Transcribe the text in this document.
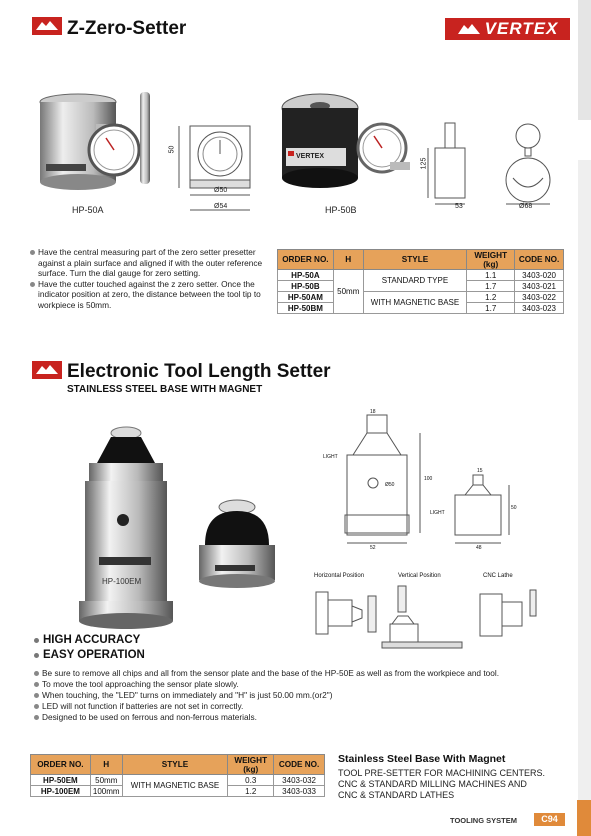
Z-Zero-Setter	VERTEX
HP-50A
50
Ø50
Ø54
VERTEX
HP-50B
125
53	Ø68
Have the central measuring part of the zero setter presetter against a plain surface and aligned if with the outer reference surface. Turn the dial gauge for zero setting.
Have the cutter touched against the z zero setter. Once the indicator position at zero, the distance between the tool tip to workpiece is 50mm.
ORDER NO.	H	STYLE	WEIGHT (kg)	CODE NO.
HP-50A	50mm	STANDARD TYPE	1.1	3403-020
HP-50B			1.7	3403-021
HP-50AM		WITH MAGNETIC BASE	1.2	3403-022
HP-50BM			1.7	3403-023
Electronic Tool Length Setter
STAINLESS STEEL BASE WITH MAGNET
HP-100EM
LIGHT
LIGHT
18
100
52
15
50
48
Ø50
Horizontal Position	Vertical Position	CNC Lathe
HIGH ACCURACY
EASY OPERATION
Be sure to remove all chips and all from the sensor plate and the base of the HP-50E as well as from the workpiece and tool.
To move the tool approaching the sensor plate slowly.
When touching, the "LED" turns on immediately and "H" is just 50.00 mm.(or2")
LED will not function if batteries are not set in correctly.
Designed to be used on ferrous and non-ferrous materials.
ORDER NO.	H	STYLE	WEIGHT (kg)	CODE NO.
HP-50EM	50mm	WITH MAGNETIC BASE	0.3	3403-032
HP-100EM	100mm		1.2	3403-033
Stainless Steel Base With Magnet
TOOL PRE-SETTER FOR MACHINING CENTERS.
CNC & STANDARD MILLING MACHINES AND
CNC & STANDARD LATHES
TOOLING SYSTEM	C94
